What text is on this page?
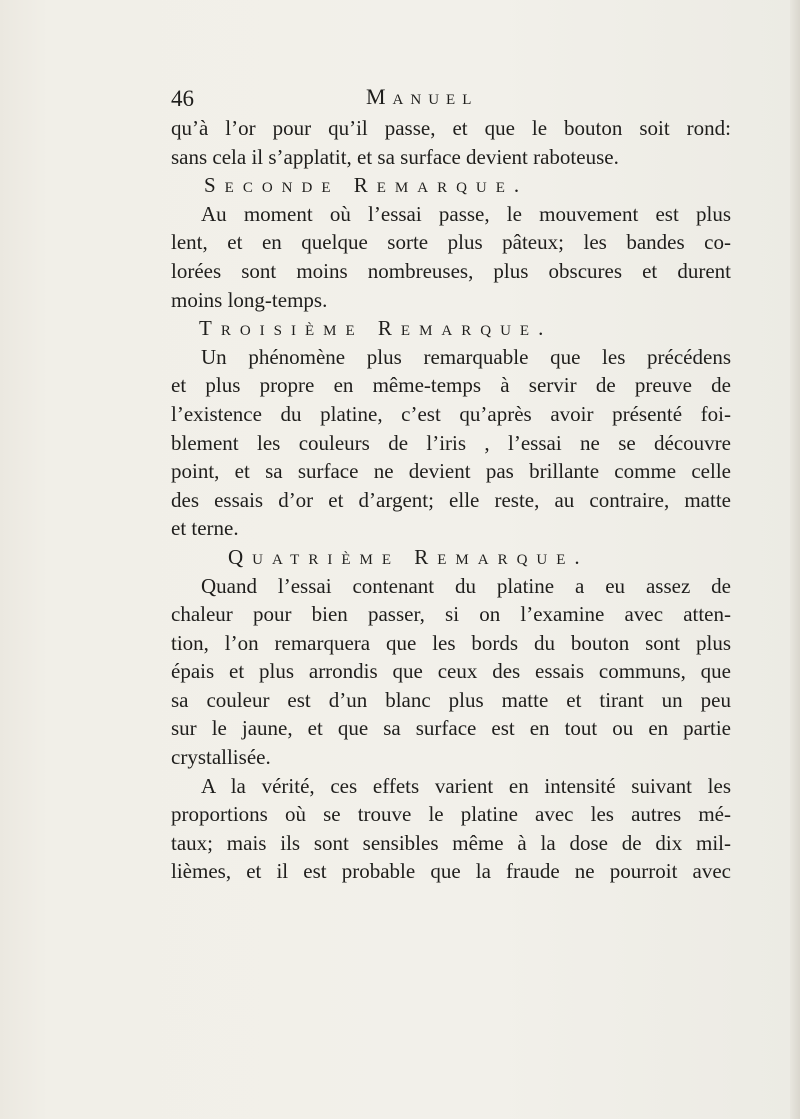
46	Manuel
qu’à l’or pour qu’il passe, et que le bouton soit rond:
sans cela il s’applatit, et sa surface devient raboteuse.
Seconde Remarque.
Au moment où l’essai passe, le mouvement est plus
lent, et en quelque sorte plus pâteux; les bandes co-
lorées sont moins nombreuses, plus obscures et durent
moins long-temps.
Troisième Remarque.
Un phénomène plus remarquable que les précédens
et plus propre en même-temps à servir de preuve de
l’existence du platine, c’est qu’après avoir présenté foi-
blement les couleurs de l’iris , l’essai ne se découvre
point, et sa surface ne devient pas brillante comme celle
des essais d’or et d’argent; elle reste, au contraire, matte
et terne.
Quatrième Remarque.
Quand l’essai contenant du platine a eu assez de
chaleur pour bien passer, si on l’examine avec atten-
tion, l’on remarquera que les bords du bouton sont plus
épais et plus arrondis que ceux des essais communs, que
sa couleur est d’un blanc plus matte et tirant un peu
sur le jaune, et que sa surface est en tout ou en partie
crystallisée.
A la vérité, ces effets varient en intensité suivant les
proportions où se trouve le platine avec les autres mé-
taux; mais ils sont sensibles même à la dose de dix mil-
lièmes, et il est probable que la fraude ne pourroit avec
